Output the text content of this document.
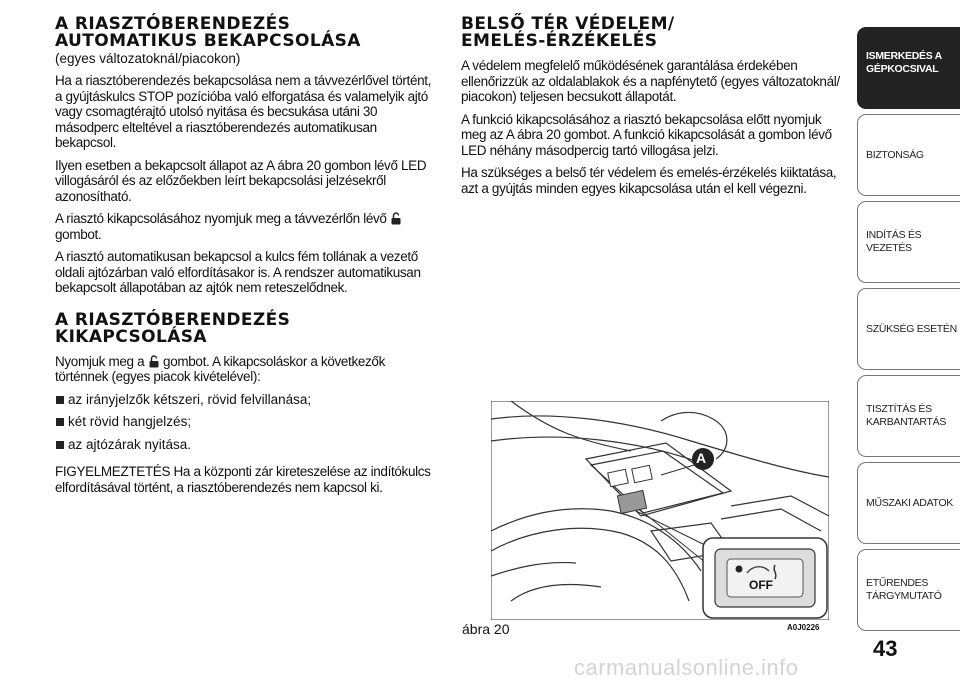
A RIASZTÓBERENDEZÉS
AUTOMATIKUS BEKAPCSOLÁSA
(egyes változatoknál/piacokon)

Ha a riasztóberendezés bekapcsolása nem a távvezérlővel történt, a gyújtáskulcs STOP pozícióba való elforgatása és valamelyik ajtó vagy csomagtérajtó utolsó nyitása és becsukása utáni 30 másodperc elteltével a riasztóberendezés automatikusan bekapcsol.

Ilyen esetben a bekapcsolt állapot az A ábra 20 gombon lévő LED villogásáról és az előzőekben leírt bekapcsolási jelzésekről azonosítható.

A riasztó kikapcsolásához nyomjuk meg a távvezérlőn lévő  gombot.

A riasztó automatikusan bekapcsol a kulcs fém tollának a vezető oldali ajtózárban való elfordításakor is. A rendszer automatikusan bekapcsolt állapotában az ajtók nem reteszelődnek.

A RIASZTÓBERENDEZÉS
KIKAPCSOLÁSA

Nyomjuk meg a gombot. A kikapcsoláskor a következők történnek (egyes piacok kivételével):

az irányjelzők kétszeri, rövid felvillanása;
két rövid hangjelzés;
az ajtózárak nyitása.

FIGYELMEZTETÉS Ha a központi zár kireteszelése az indítókulcs elfordításával történt, a riasztóberendezés nem kapcsol ki.

BELSŐ TÉR VÉDELEM/
EMELÉS-ÉRZÉKELÉS

A védelem megfelelő működésének garantálása érdekében ellenőrizzük az oldalablakok és a napfénytető (egyes változatoknál/ piacokon) teljesen becsukott állapotát.

A funkció kikapcsolásához a riasztó bekapcsolása előtt nyomjuk meg az A ábra 20 gombot. A funkció kikapcsolását a gombon lévő LED néhány másodpercig tartó villogása jelzi.

Ha szükséges a belső tér védelem és emelés-érzékelés kiiktatása, azt a gyújtás minden egyes kikapcsolása után el kell végezni.

A
OFF
ábra 20	A0J0226
ISMERKEDÉS A
GÉPKOCSIVAL
BIZTONSÁG
INDÍTÁS ÉS VEZETÉS
SZÜKSÉG ESETÉN
TISZTÍTÁS ÉS
KARBANTARTÁS
MŰSZAKI ADATOK
ETŰRENDES
TÁRGYMUTATÓ
43
carmanualsonline.info
